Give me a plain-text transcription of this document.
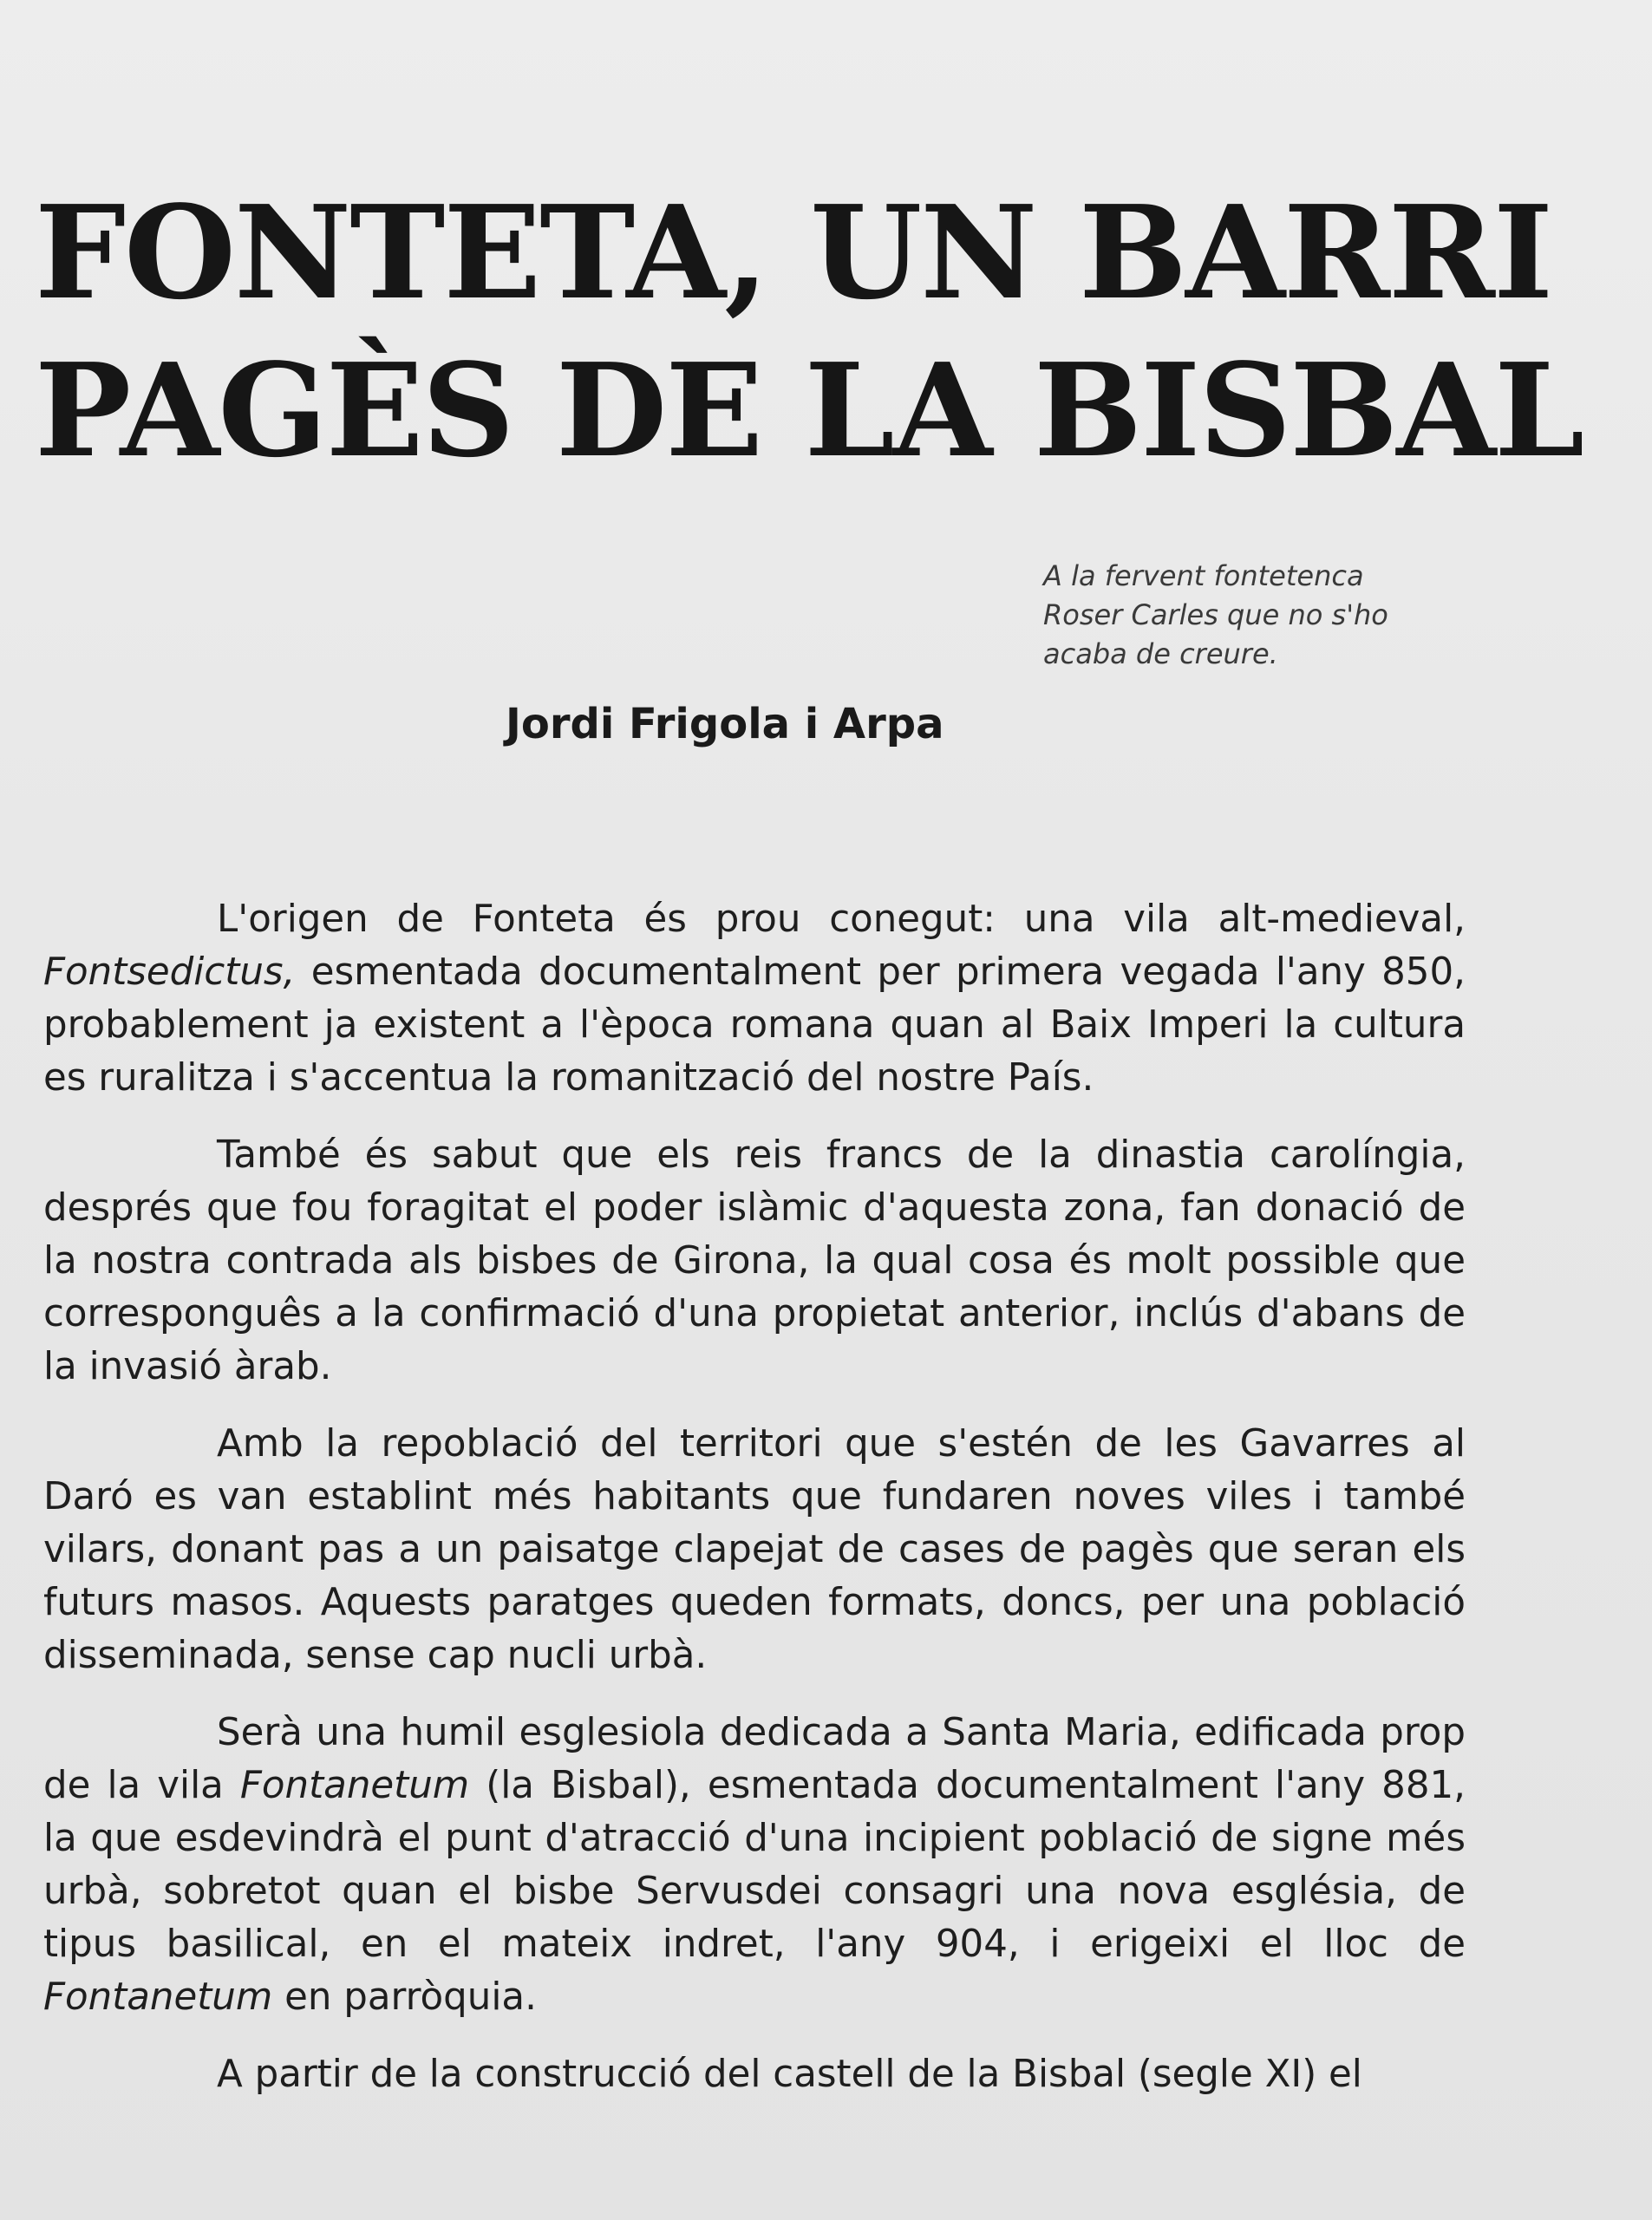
FONTETA, UN BARRI
PAGÈS DE LA BISBAL
A la fervent fontetenca
Roser Carles que no s'ho
acaba de creure.
Jordi Frigola i Arpa

L'origen de Fonteta és prou conegut: una vila alt-medieval, Fontsedictus, esmentada documentalment per primera vegada l'any 850, probablement ja existent a l'època romana quan al Baix Imperi la cultura es ruralitza i s'accentua la romanització del nostre País.

També és sabut que els reis francs de la dinastia carolíngia, després que fou foragitat el poder islàmic d'aquesta zona, fan donació de la nostra contrada als bisbes de Girona, la qual cosa és molt possible que corresponguês a la confirmació d'una propietat anterior, inclús d'abans de la invasió àrab.

Amb la repoblació del territori que s'estén de les Gavarres al Daró es van establint més habitants que fundaren noves viles i també vilars, donant pas a un paisatge clapejat de cases de pagès que seran els futurs masos. Aquests paratges queden formats, doncs, per una població disseminada, sense cap nucli urbà.

Serà una humil esglesiola dedicada a Santa Maria, edificada prop de la vila Fontanetum (la Bisbal), esmentada documentalment l'any 881, la que esdevindrà el punt d'atracció d'una incipient població de signe més urbà, sobretot quan el bisbe Servusdei consagri una nova església, de tipus basilical, en el mateix indret, l'any 904, i erigeixi el lloc de Fontanetum en parròquia.

A partir de la construcció del castell de la Bisbal (segle XI) el
